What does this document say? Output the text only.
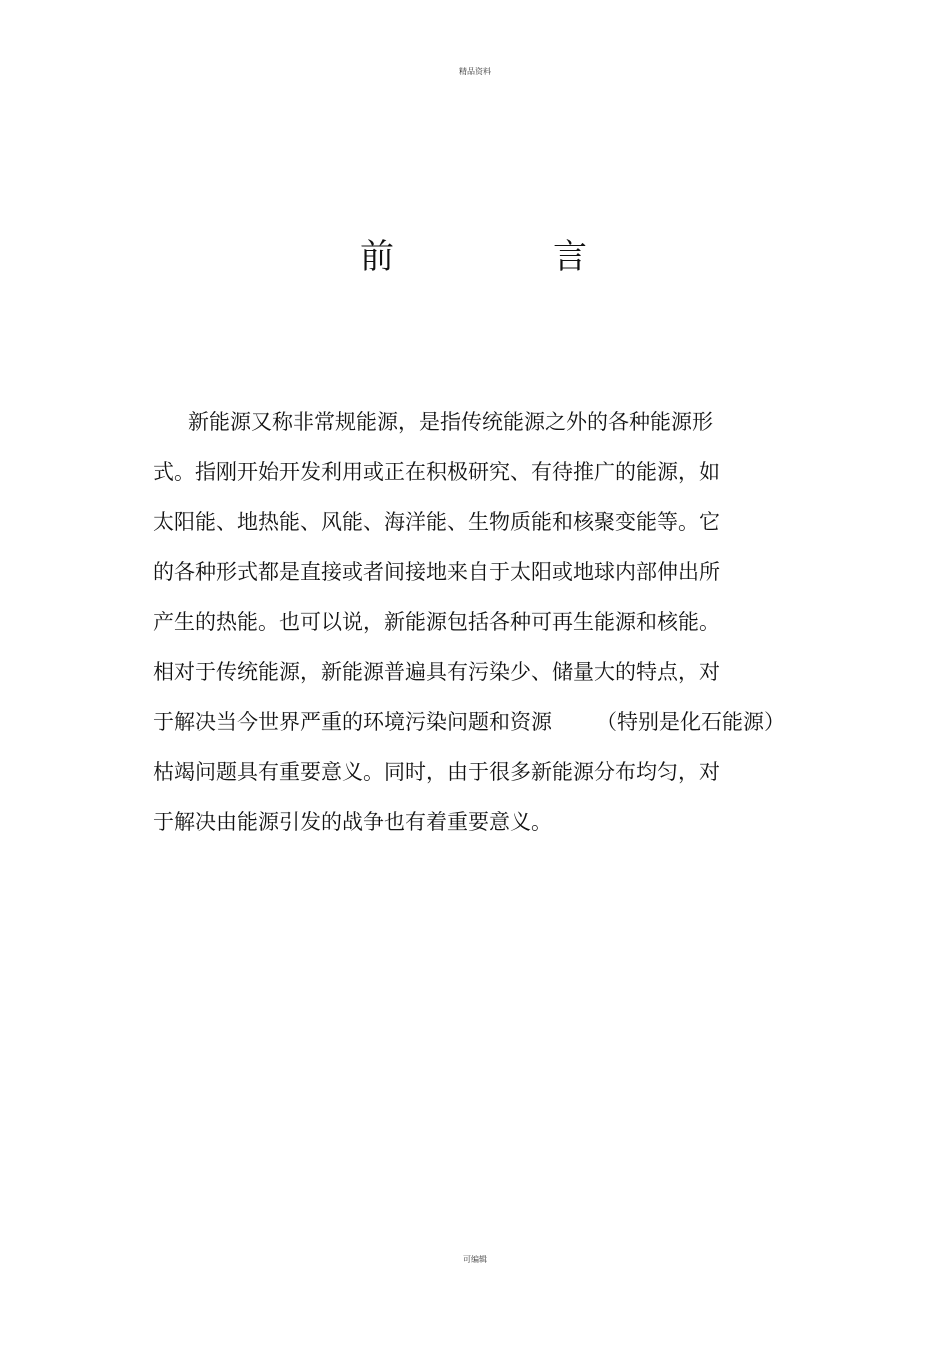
精品资料
前	言
新能源又称非常规能源，是指传统能源之外的各种能源形
式。指刚开始开发利用或正在积极研究、有待推广的能源，如
太阳能、地热能、风能、海洋能、生物质能和核聚变能等。它
的各种形式都是直接或者间接地来自于太阳或地球内部伸出所
产生的热能。也可以说，新能源包括各种可再生能源和核能。
相对于传统能源，新能源普遍具有污染少、储量大的特点，对
于解决当今世界严重的环境污染问题和资源 （特别是化石能源）
枯竭问题具有重要意义。同时，由于很多新能源分布均匀，对
于解决由能源引发的战争也有着重要意义。
可编辑
